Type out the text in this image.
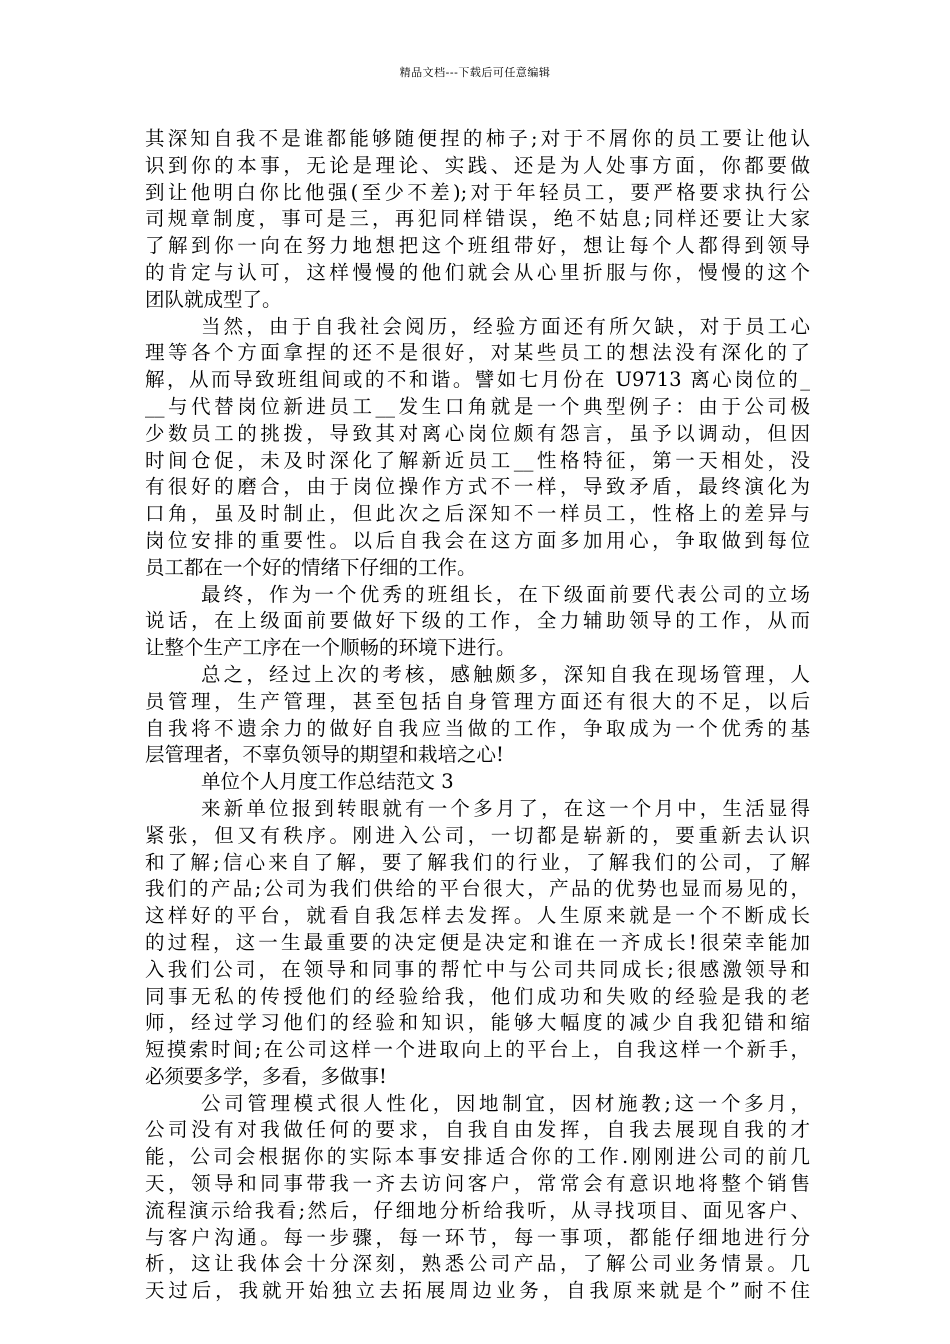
精品文档---下载后可任意编辑
其深知自我不是谁都能够随便捏的柿子;对于不屑你的员工要让他认
识到你的本事，无论是理论、实践、还是为人处事方面，你都要做
到让他明白你比他强(至少不差);对于年轻员工，要严格要求执行公
司规章制度，事可是三，再犯同样错误，绝不姑息;同样还要让大家
了解到你一向在努力地想把这个班组带好，想让每个人都得到领导
的肯定与认可，这样慢慢的他们就会从心里折服与你，慢慢的这个
团队就成型了。
当然，由于自我社会阅历，经验方面还有所欠缺，对于员工心
理等各个方面拿捏的还不是很好，对某些员工的想法没有深化的了
解，从而导致班组间或的不和谐。譬如七月份在 U9713 离心岗位的_
__与代替岗位新进员工__发生口角就是一个典型例子：由于公司极
少数员工的挑拨，导致其对离心岗位颇有怨言，虽予以调动，但因
时间仓促，未及时深化了解新近员工__性格特征，第一天相处，没
有很好的磨合，由于岗位操作方式不一样，导致矛盾，最终演化为
口角，虽及时制止，但此次之后深知不一样员工，性格上的差异与
岗位安排的重要性。以后自我会在这方面多加用心，争取做到每位
员工都在一个好的情绪下仔细的工作。
最终，作为一个优秀的班组长，在下级面前要代表公司的立场
说话，在上级面前要做好下级的工作，全力辅助领导的工作，从而
让整个生产工序在一个顺畅的环境下进行。
总之，经过上次的考核，感触颇多，深知自我在现场管理，人
员管理，生产管理，甚至包括自身管理方面还有很大的不足，以后
自我将不遗余力的做好自我应当做的工作，争取成为一个优秀的基
层管理者，不辜负领导的期望和栽培之心!
单位个人月度工作总结范文 3
来新单位报到转眼就有一个多月了，在这一个月中，生活显得
紧张，但又有秩序。刚进入公司，一切都是崭新的，要重新去认识
和了解;信心来自了解，要了解我们的行业，了解我们的公司，了解
我们的产品;公司为我们供给的平台很大，产品的优势也显而易见的，
这样好的平台，就看自我怎样去发挥。人生原来就是一个不断成长
的过程，这一生最重要的决定便是决定和谁在一齐成长!很荣幸能加
入我们公司，在领导和同事的帮忙中与公司共同成长;很感激领导和
同事无私的传授他们的经验给我，他们成功和失败的经验是我的老
师，经过学习他们的经验和知识，能够大幅度的减少自我犯错和缩
短摸索时间;在公司这样一个进取向上的平台上，自我这样一个新手，
必须要多学，多看，多做事!
公司管理模式很人性化，因地制宜，因材施教;这一个多月，
公司没有对我做任何的要求，自我自由发挥，自我去展现自我的才
能，公司会根据你的实际本事安排适合你的工作.刚刚进公司的前几
天，领导和同事带我一齐去访问客户，常常会有意识地将整个销售
流程演示给我看;然后，仔细地分析给我听，从寻找项目、面见客户、
与客户沟通。每一步骤，每一环节，每一事项，都能仔细地进行分
析，这让我体会十分深刻，熟悉公司产品，了解公司业务情景。几
天过后，我就开始独立去拓展周边业务，自我原来就是个”耐不住
